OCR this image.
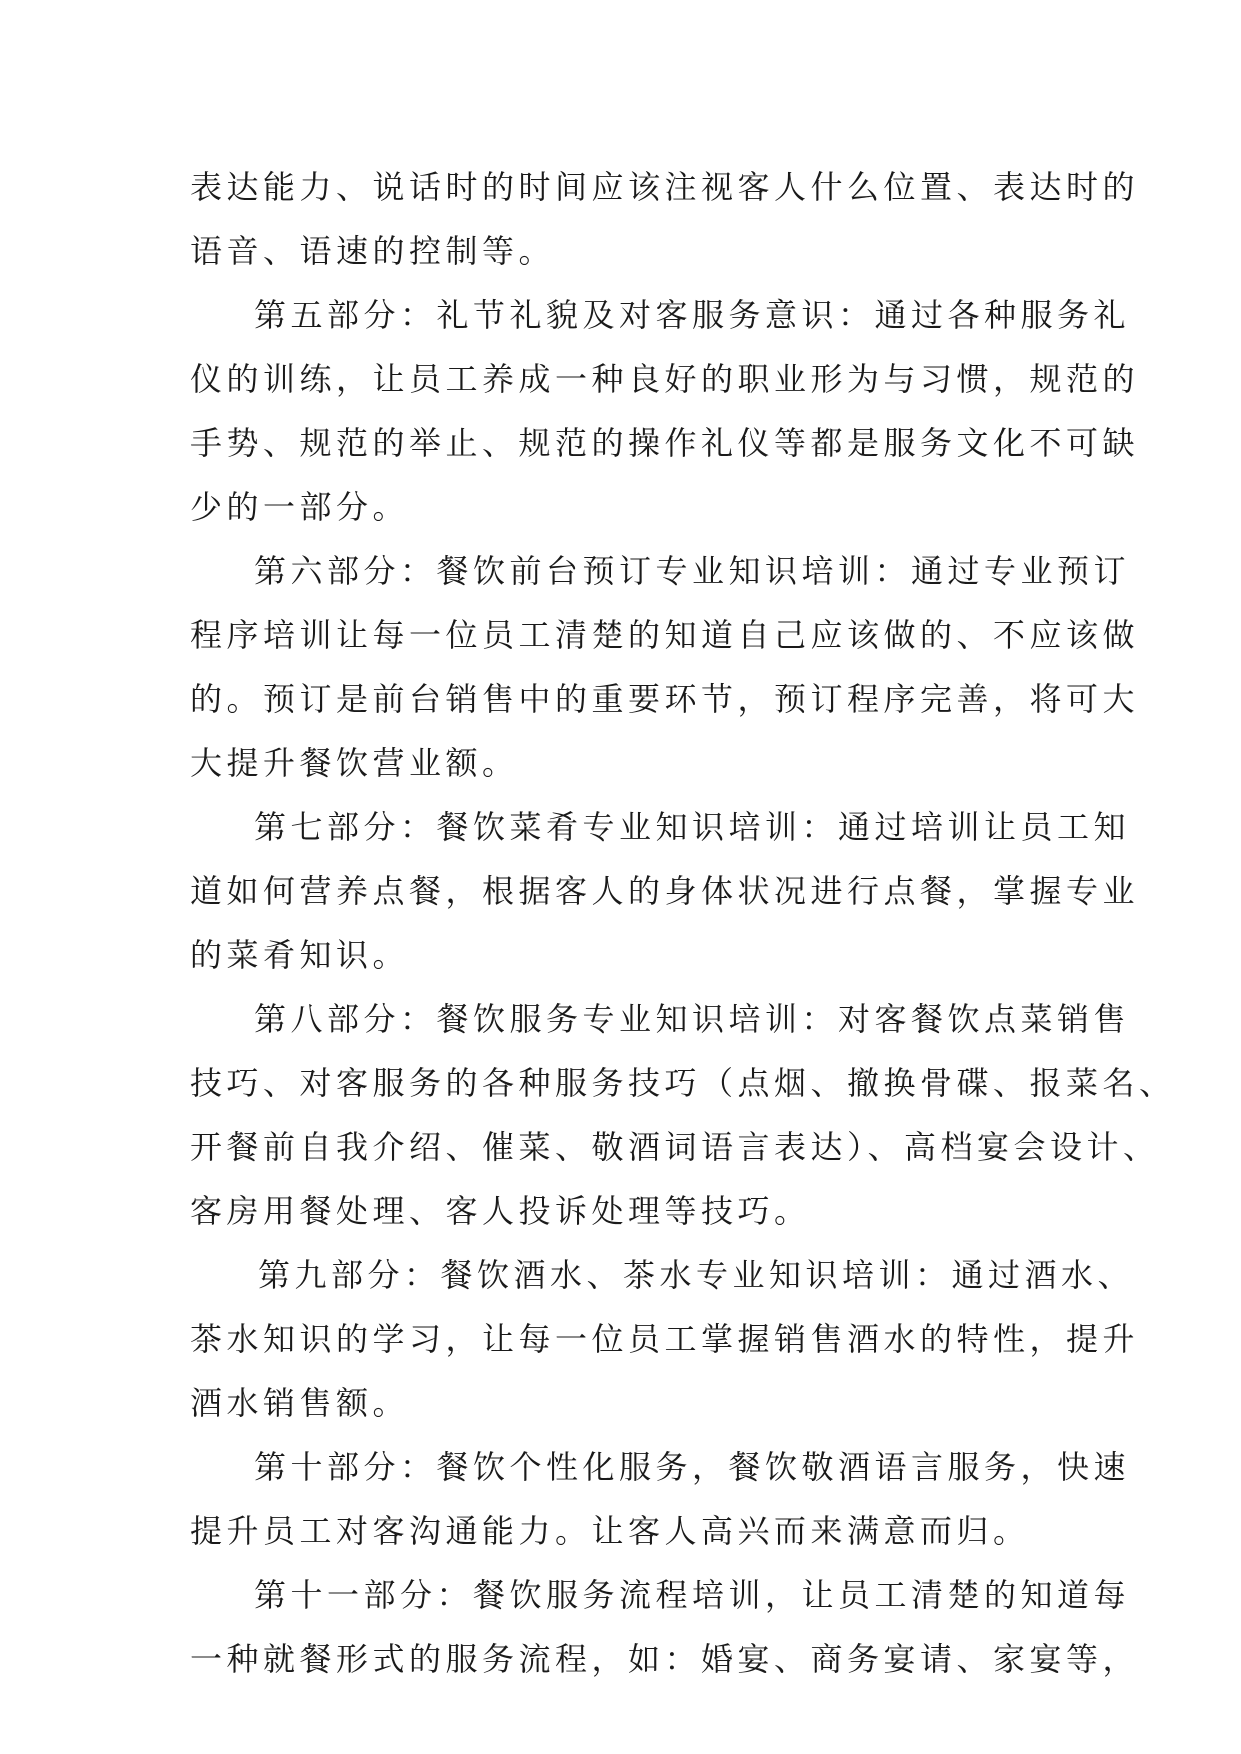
表达能力、说话时的时间应该注视客人什么位置、表达时的
语音、语速的控制等。
第五部分：礼节礼貌及对客服务意识：通过各种服务礼
仪的训练，让员工养成一种良好的职业形为与习惯，规范的
手势、规范的举止、规范的操作礼仪等都是服务文化不可缺
少的一部分。
第六部分：餐饮前台预订专业知识培训：通过专业预订
程序培训让每一位员工清楚的知道自己应该做的、不应该做
的。预订是前台销售中的重要环节，预订程序完善，将可大
大提升餐饮营业额。
第七部分：餐饮菜肴专业知识培训：通过培训让员工知
道如何营养点餐，根据客人的身体状况进行点餐，掌握专业
的菜肴知识。
第八部分：餐饮服务专业知识培训：对客餐饮点菜销售
技巧、对客服务的各种服务技巧（点烟、撤换骨碟、报菜名、
开餐前自我介绍、催菜、敬酒词语言表达）、高档宴会设计、
客房用餐处理、客人投诉处理等技巧。
第九部分：餐饮酒水、茶水专业知识培训：通过酒水、
茶水知识的学习，让每一位员工掌握销售酒水的特性，提升
酒水销售额。
第十部分：餐饮个性化服务，餐饮敬酒语言服务，快速
提升员工对客沟通能力。让客人高兴而来满意而归。
第十一部分：餐饮服务流程培训，让员工清楚的知道每
一种就餐形式的服务流程，如：婚宴、商务宴请、家宴等，
